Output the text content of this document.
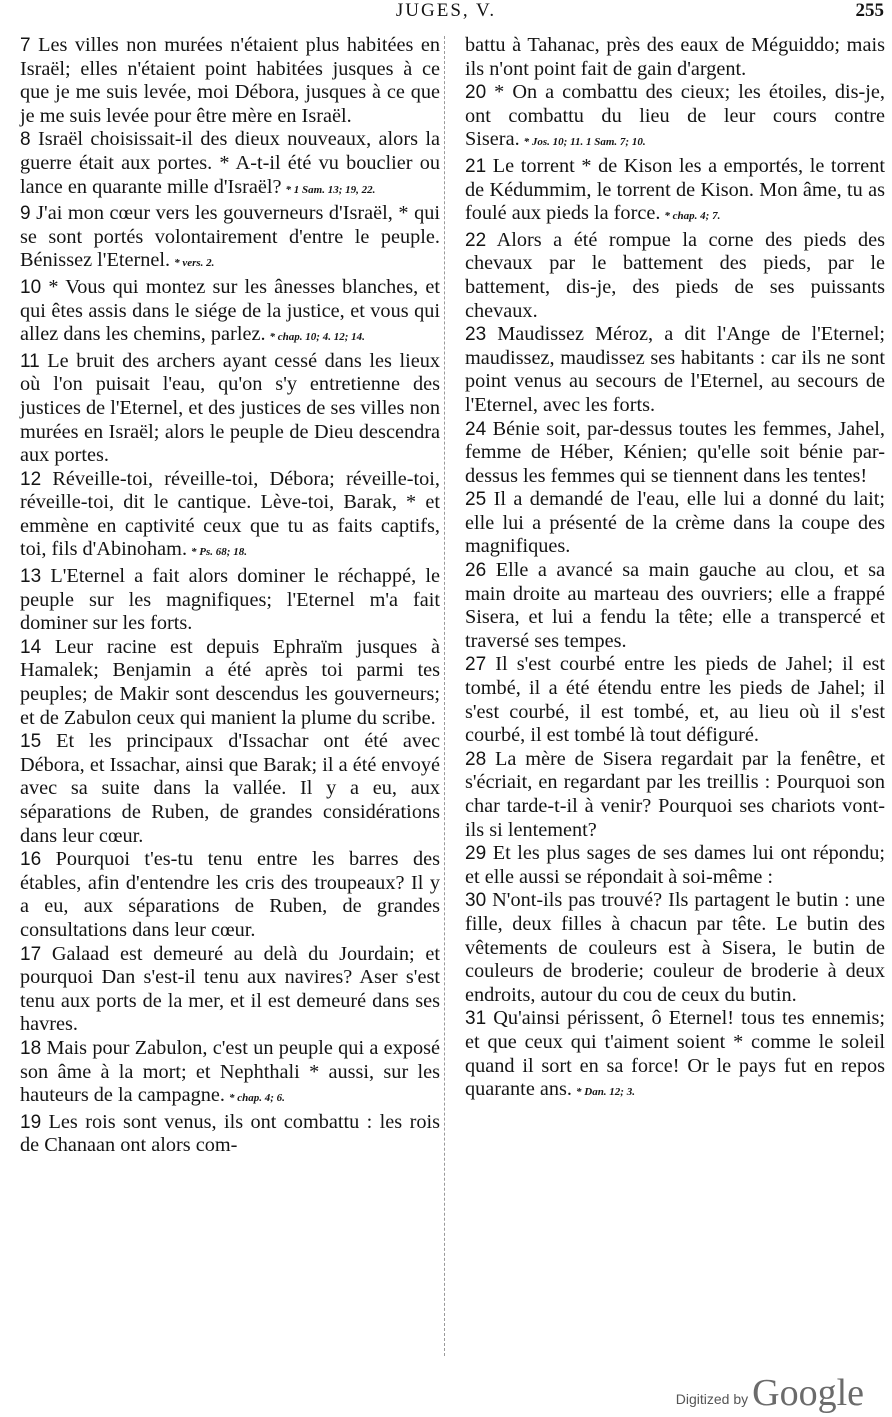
JUGES, V.	255

7 Les villes non murées n'étaient plus habitées en Israël; elles n'étaient point habitées jusques à ce que je me suis levée, moi Débora, jusques à ce que je me suis levée pour être mère en Israël.

8 Israël choisissait-il des dieux nouveaux, alors la guerre était aux portes. * A-t-il été vu bouclier ou lance en quarante mille d'Israël? * 1 Sam. 13; 19, 22.

9 J'ai mon cœur vers les gouverneurs d'Israël, * qui se sont portés volontairement d'entre le peuple. Bénissez l'Eternel. * vers. 2.

10 * Vous qui montez sur les ânesses blanches, et qui êtes assis dans le siége de la justice, et vous qui allez dans les chemins, parlez. * chap. 10; 4. 12; 14.

11 Le bruit des archers ayant cessé dans les lieux où l'on puisait l'eau, qu'on s'y entretienne des justices de l'Eternel, et des justices de ses villes non murées en Israël; alors le peuple de Dieu descendra aux portes.

12 Réveille-toi, réveille-toi, Débora; réveille-toi, réveille-toi, dit le cantique. Lève-toi, Barak, * et emmène en captivité ceux que tu as faits captifs, toi, fils d'Abinoham. * Ps. 68; 18.

13 L'Eternel a fait alors dominer le réchappé, le peuple sur les magnifiques; l'Eternel m'a fait dominer sur les forts.

14 Leur racine est depuis Ephraïm jusques à Hamalek; Benjamin a été après toi parmi tes peuples; de Makir sont descendus les gouverneurs; et de Zabulon ceux qui manient la plume du scribe.

15 Et les principaux d'Issachar ont été avec Débora, et Issachar, ainsi que Barak; il a été envoyé avec sa suite dans la vallée. Il y a eu, aux séparations de Ruben, de grandes considérations dans leur cœur.

16 Pourquoi t'es-tu tenu entre les barres des étables, afin d'entendre les cris des troupeaux? Il y a eu, aux séparations de Ruben, de grandes consultations dans leur cœur.

17 Galaad est demeuré au delà du Jourdain; et pourquoi Dan s'est-il tenu aux navires? Aser s'est tenu aux ports de la mer, et il est demeuré dans ses havres.

18 Mais pour Zabulon, c'est un peuple qui a exposé son âme à la mort; et Nephthali * aussi, sur les hauteurs de la campagne. * chap. 4; 6.

19 Les rois sont venus, ils ont combattu : les rois de Chanaan ont alors com-

battu à Tahanac, près des eaux de Méguiddo; mais ils n'ont point fait de gain d'argent.

20 * On a combattu des cieux; les étoiles, dis-je, ont combattu du lieu de leur cours contre Sisera. * Jos. 10; 11. 1 Sam. 7; 10.

21 Le torrent * de Kison les a emportés, le torrent de Kédummim, le torrent de Kison. Mon âme, tu as foulé aux pieds la force. * chap. 4; 7.

22 Alors a été rompue la corne des pieds des chevaux par le battement des pieds, par le battement, dis-je, des pieds de ses puissants chevaux.

23 Maudissez Méroz, a dit l'Ange de l'Eternel; maudissez, maudissez ses habitants : car ils ne sont point venus au secours de l'Eternel, au secours de l'Eternel, avec les forts.

24 Bénie soit, par-dessus toutes les femmes, Jahel, femme de Héber, Kénien; qu'elle soit bénie par-dessus les femmes qui se tiennent dans les tentes!

25 Il a demandé de l'eau, elle lui a donné du lait; elle lui a présenté de la crème dans la coupe des magnifiques.

26 Elle a avancé sa main gauche au clou, et sa main droite au marteau des ouvriers; elle a frappé Sisera, et lui a fendu la tête; elle a transpercé et traversé ses tempes.

27 Il s'est courbé entre les pieds de Jahel; il est tombé, il a été étendu entre les pieds de Jahel; il s'est courbé, il est tombé, et, au lieu où il s'est courbé, il est tombé là tout défiguré.

28 La mère de Sisera regardait par la fenêtre, et s'écriait, en regardant par les treillis : Pourquoi son char tarde-t-il à venir? Pourquoi ses chariots vont-ils si lentement?

29 Et les plus sages de ses dames lui ont répondu; et elle aussi se répondait à soi-même :

30 N'ont-ils pas trouvé? Ils partagent le butin : une fille, deux filles à chacun par tête. Le butin des vêtements de couleurs est à Sisera, le butin de couleurs de broderie; couleur de broderie à deux endroits, autour du cou de ceux du butin.

31 Qu'ainsi périssent, ô Eternel! tous tes ennemis; et que ceux qui t'aiment soient * comme le soleil quand il sort en sa force! Or le pays fut en repos quarante ans. * Dan. 12; 3.

Digitized by Google
